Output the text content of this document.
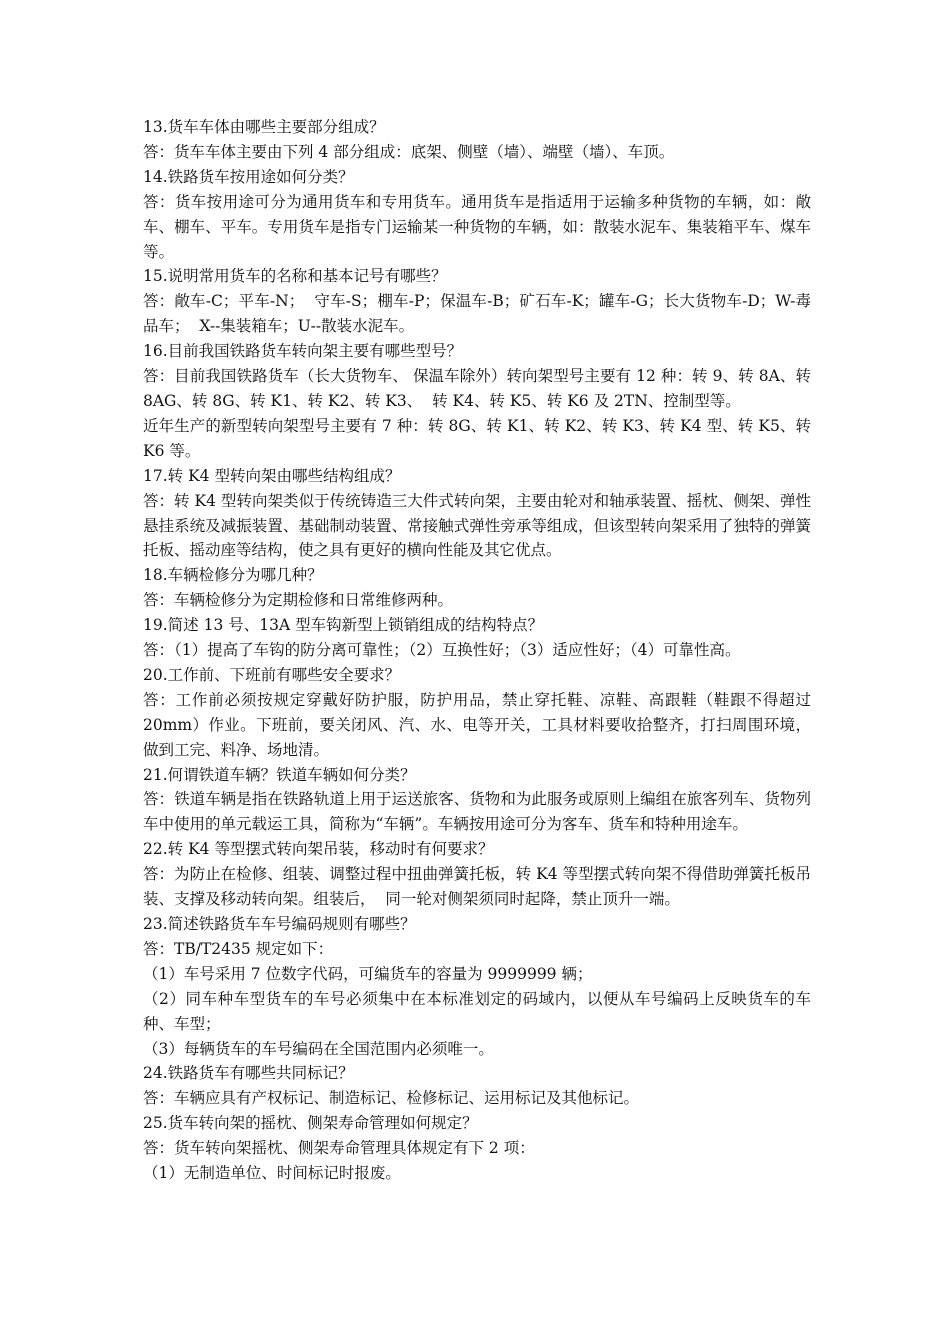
13.货车车体由哪些主要部分组成？

答：货车车体主要由下列 4 部分组成：底架、侧壁（墙）、端壁（墙）、车顶。

14.铁路货车按用途如何分类？

答：货车按用途可分为通用货车和专用货车。通用货车是指适用于运输多种货物的车辆，如：敞车、棚车、平车。专用货车是指专门运输某一种货物的车辆，如：散装水泥车、集装箱平车、煤车等。

15.说明常用货车的名称和基本记号有哪些？

答：敞车-C；平车-N；  守车-S；棚车-P；保温车-B；矿石车-K；罐车-G；长大货物车-D；W-毒品车；  X--集装箱车；U--散装水泥车。

16.目前我国铁路货车转向架主要有哪些型号？

答：目前我国铁路货车（长大货物车、 保温车除外）转向架型号主要有 12 种：转 9、转 8A、转 8AG、转 8G、转 K1、转 K2、转 K3、  转 K4、转 K5、转 K6 及 2TN、控制型等。

近年生产的新型转向架型号主要有 7 种：转 8G、转 K1、转 K2、转 K3、转 K4 型、转 K5、转 K6 等。

17.转 K4 型转向架由哪些结构组成？

答：转 K4 型转向架类似于传统铸造三大件式转向架，主要由轮对和轴承装置、摇枕、侧架、弹性悬挂系统及减振装置、基础制动装置、常接触式弹性旁承等组成，但该型转向架采用了独特的弹簧托板、摇动座等结构，使之具有更好的横向性能及其它优点。

18.车辆检修分为哪几种？

答：车辆检修分为定期检修和日常维修两种。

19.简述 13 号、13A 型车钩新型上锁销组成的结构特点？

答：（1）提高了车钩的防分离可靠性；（2）互换性好；（3）适应性好；（4）可靠性高。

20.工作前、下班前有哪些安全要求？

答：工作前必须按规定穿戴好防护服，防护用品，禁止穿托鞋、凉鞋、高跟鞋（鞋跟不得超过 20mm）作业。下班前，要关闭风、汽、水、电等开关，工具材料要收拾整齐，打扫周围环境，做到工完、料净、场地清。

21.何谓铁道车辆？铁道车辆如何分类？

答：铁道车辆是指在铁路轨道上用于运送旅客、货物和为此服务或原则上编组在旅客列车、货物列车中使用的单元载运工具，简称为“车辆”。车辆按用途可分为客车、货车和特种用途车。

22.转 K4 等型摆式转向架吊装，移动时有何要求？

答：为防止在检修、组装、调整过程中扭曲弹簧托板，转 K4 等型摆式转向架不得借助弹簧托板吊装、支撑及移动转向架。组装后，  同一轮对侧架须同时起降，禁止顶升一端。

23.简述铁路货车车号编码规则有哪些？

答：TB/T2435 规定如下：

（1）车号采用 7 位数字代码，可编货车的容量为 9999999 辆；

（2）同车种车型货车的车号必须集中在本标准划定的码域内，以便从车号编码上反映货车的车种、车型；

（3）每辆货车的车号编码在全国范围内必须唯一。

24.铁路货车有哪些共同标记？

答：车辆应具有产权标记、制造标记、检修标记、运用标记及其他标记。

25.货车转向架的摇枕、侧架寿命管理如何规定？

答：货车转向架摇枕、侧架寿命管理具体规定有下 2 项：

（1）无制造单位、时间标记时报废。
